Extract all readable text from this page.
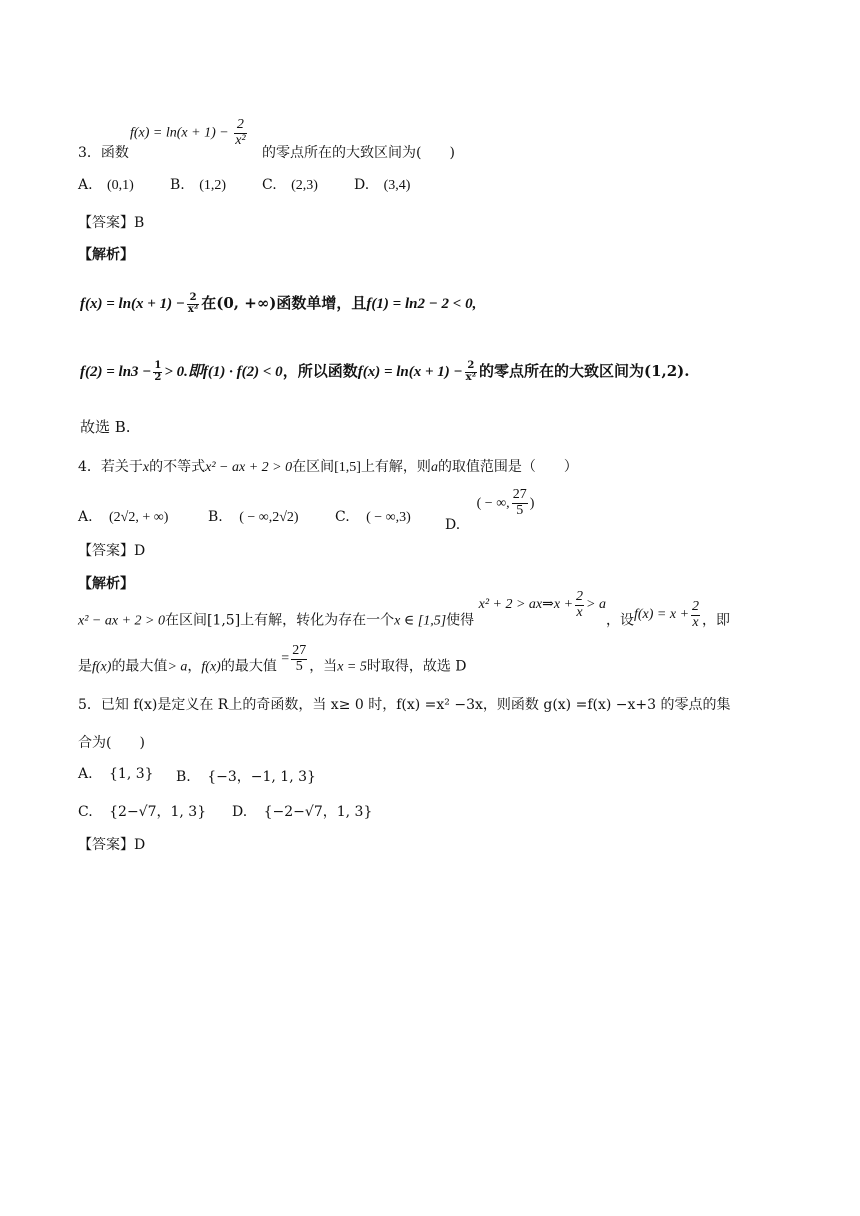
$f(x) = \ln(x + 1) - \frac{2}{\text{x²}}$
3．函数	的零点所在的大致区间为(　　)
A. (0,1)	B. (1,2)	C. (2,3)	D. (3,4)
【答案】B
【解析】
$f(x) = \ln(x + 1) - \frac{2}{\text{x²}}$ 在(0, +∞)函数单增，且f(1) = ln2 − 2 < 0,
$f(2) = \ln 3 - \frac{1}{2} > 0$.即f(1) · f(2) < 0，所以函数$f(x) = \ln(x + 1) - \frac{2}{\text{x²}}$ 的零点所在的大致区间为(1,2).
故选 B.
4．若关于x的不等式x² − ax + 2 > 0在区间[1,5]上有解，则a的取值范围是（　　）
A. (2√2, + ∞)	B. ( − ∞,2√2)	C. ( − ∞,3) D. ( − ∞, $\frac{27}{5}$ )
【答案】D
【解析】
x² − ax + 2 > 0在区间[1,5]上有解，转化为存在一个x ∈ [1,5]使得 x² + 2 > ax⇒x + $\frac{2}{x} > a$，设$f(x) = x + \frac{2}{x}$ ，即
是f(x)的最大值> a，f(x)的最大值 = $\frac{27}{5}$ ，当x = 5时取得，故选 D
5．已知 f(x)是定义在 R上的奇函数，当 x≥ 0 时，f(x) =x² −3x，则函数 g(x) =f(x) −x+3 的零点的集
合为(　　)
A. {1, 3} B. {−3，−1, 1, 3}
C. {2−√7，1, 3} D. {−2−√7，1, 3}
【答案】D
